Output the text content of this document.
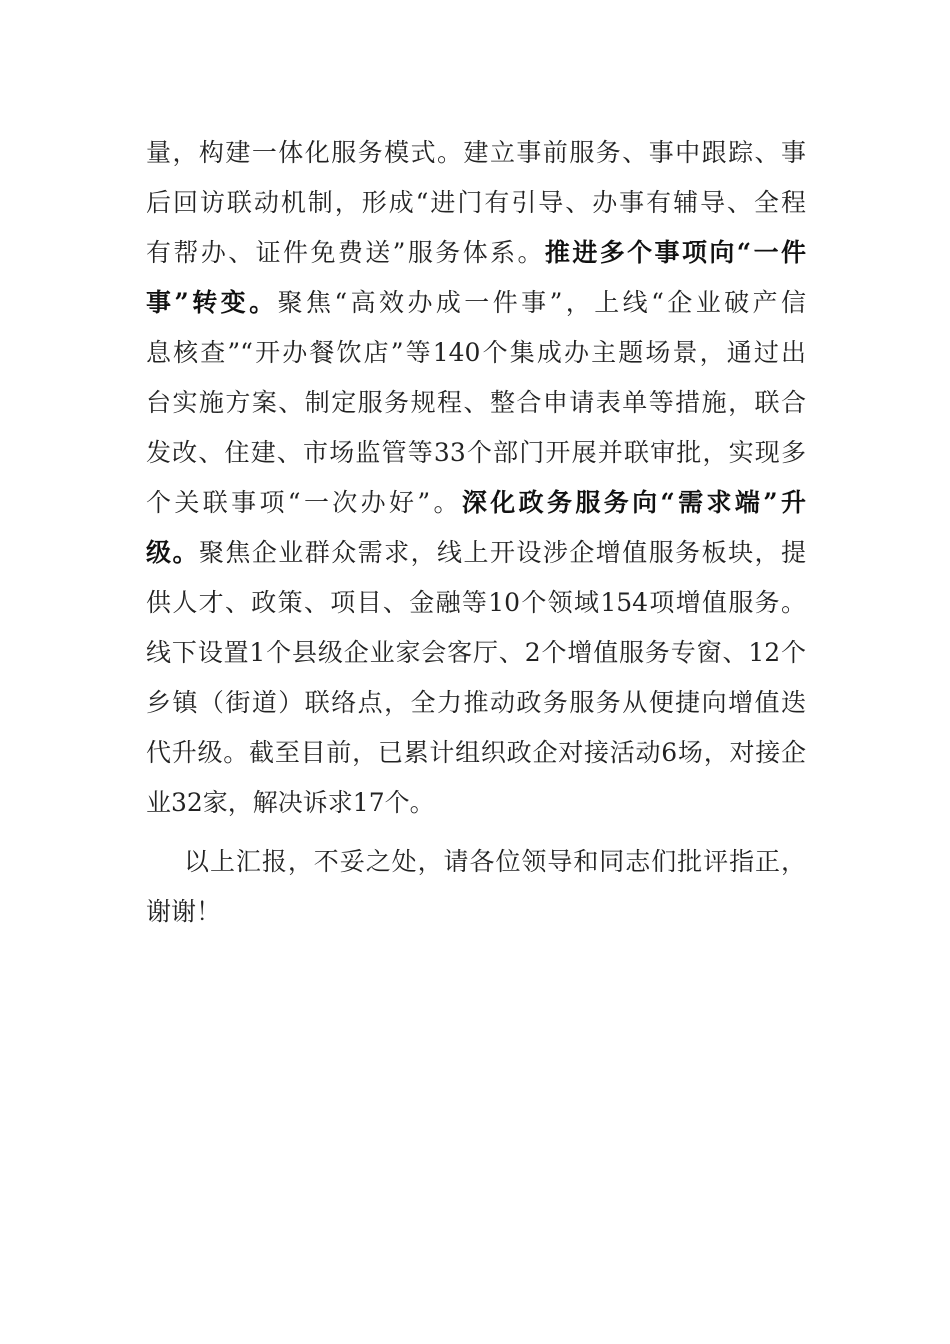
量，构建一体化服务模式。建立事前服务、事中跟踪、事
后回访联动机制，形成“进门有引导、办事有辅导、全程
有帮办、证件免费送”服务体系。推进多个事项向“一件
事”转变。聚焦“高效办成一件事”，上线“企业破产信
息核查”“开办餐饮店”等140个集成办主题场景，通过出
台实施方案、制定服务规程、整合申请表单等措施，联合
发改、住建、市场监管等33个部门开展并联审批，实现多
个关联事项“一次办好”。深化政务服务向“需求端”升
级。聚焦企业群众需求，线上开设涉企增值服务板块，提
供人才、政策、项目、金融等10个领域154项增值服务。
线下设置1个县级企业家会客厅、2个增值服务专窗、12个
乡镇（街道）联络点，全力推动政务服务从便捷向增值迭
代升级。截至目前，已累计组织政企对接活动6场，对接企
业32家，解决诉求17个。
以上汇报，不妥之处，请各位领导和同志们批评指正，
谢谢！
